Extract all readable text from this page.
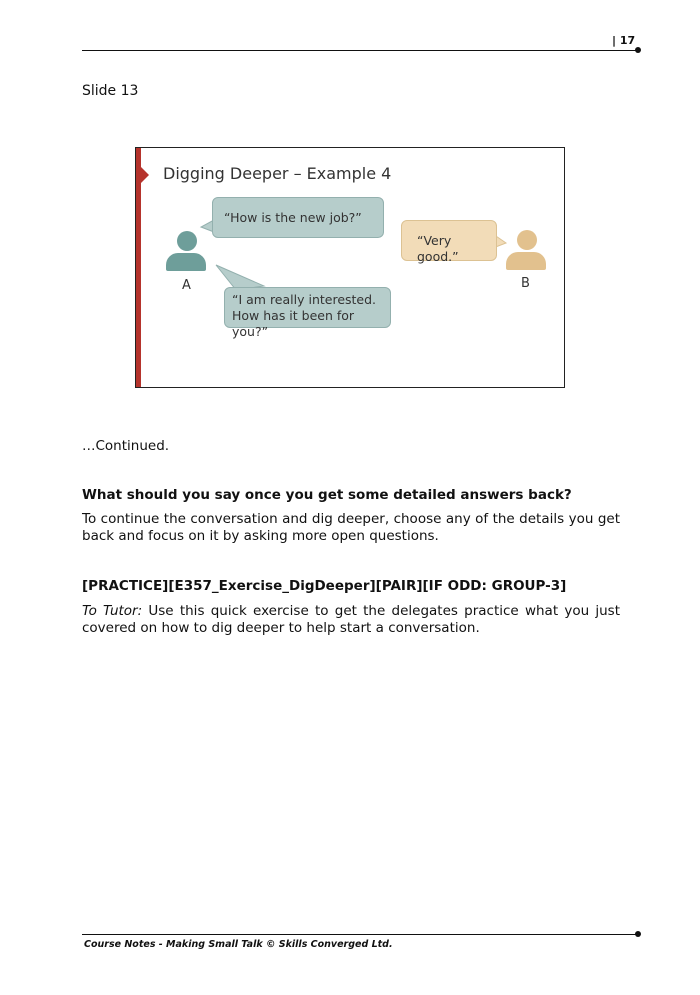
| 17
Slide 13
Digging Deeper – Example 4
A	B
“How is the new job?”
“I am really interested.
How has it been for you?”
“Very good.”
…Continued.
What should you say once you get some detailed answers back?
To continue the conversation and dig deeper, choose any of the details you get back and focus on it by asking more open questions.
[PRACTICE][E357_Exercise_DigDeeper][PAIR][IF ODD: GROUP-3]
To Tutor: Use this quick exercise to get the delegates practice what you just covered on how to dig deeper to help start a conversation.
Course Notes - Making Small Talk © Skills Converged Ltd.
